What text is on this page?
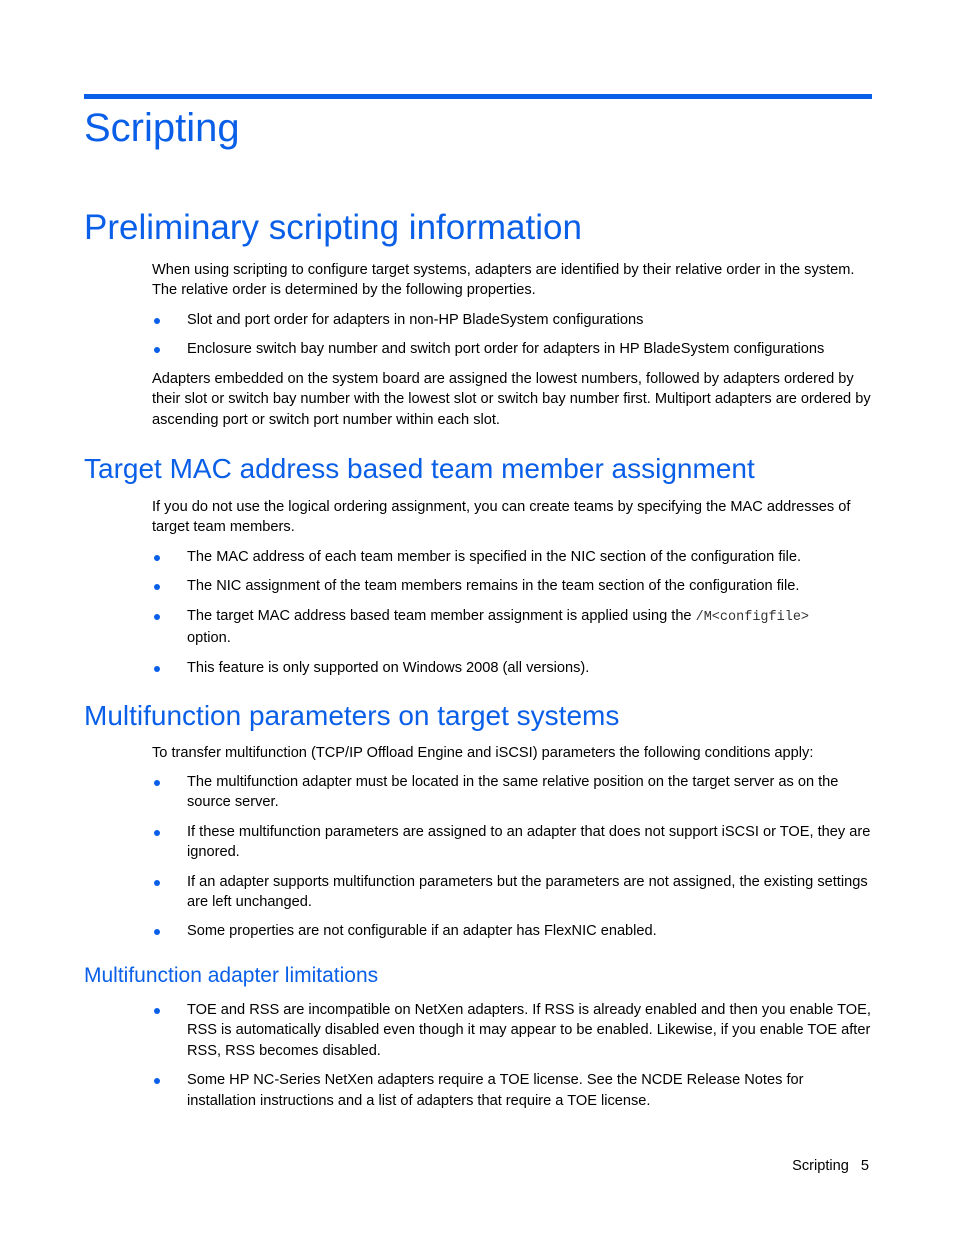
Scripting
Preliminary scripting information

When using scripting to configure target systems, adapters are identified by their relative order in the system. The relative order is determined by the following properties.

Slot and port order for adapters in non-HP BladeSystem configurations
Enclosure switch bay number and switch port order for adapters in HP BladeSystem configurations

Adapters embedded on the system board are assigned the lowest numbers, followed by adapters ordered by their slot or switch bay number with the lowest slot or switch bay number first. Multiport adapters are ordered by ascending port or switch port number within each slot.

Target MAC address based team member assignment

If you do not use the logical ordering assignment, you can create teams by specifying the MAC addresses of target team members.

The MAC address of each team member is specified in the NIC section of the configuration file.
The NIC assignment of the team members remains in the team section of the configuration file.
The target MAC address based team member assignment is applied using the /M<configfile>
option.
This feature is only supported on Windows 2008 (all versions).
Multifunction parameters on target systems

To transfer multifunction (TCP/IP Offload Engine and iSCSI) parameters the following conditions apply:

The multifunction adapter must be located in the same relative position on the target server as on the source server.
If these multifunction parameters are assigned to an adapter that does not support iSCSI or TOE, they are ignored.
If an adapter supports multifunction parameters but the parameters are not assigned, the existing settings are left unchanged.
Some properties are not configurable if an adapter has FlexNIC enabled.
Multifunction adapter limitations
TOE and RSS are incompatible on NetXen adapters. If RSS is already enabled and then you enable TOE, RSS is automatically disabled even though it may appear to be enabled. Likewise, if you enable TOE after RSS, RSS becomes disabled.
Some HP NC-Series NetXen adapters require a TOE license. See the NCDE Release Notes for installation instructions and a list of adapters that require a TOE license.
Scripting 5
